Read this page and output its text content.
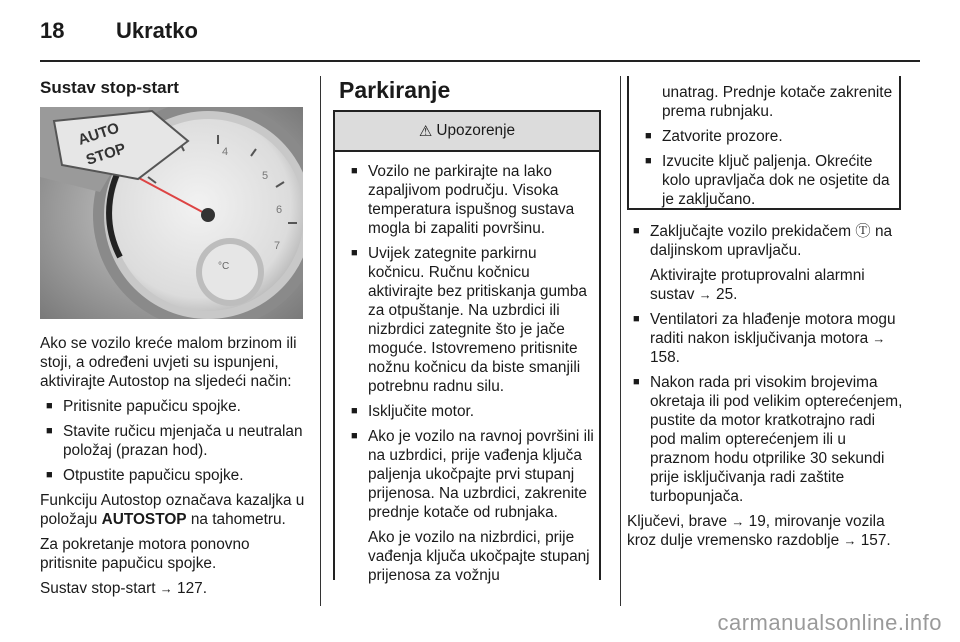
18 Ukratko
Sustav stop-start
4
5
6
7
°C
AUTO
STOP

Ako se vozilo kreće malom brzinom ili stoji, a određeni uvjeti su ispunjeni, aktivirajte Autostop na sljedeći način:

■ Pritisnite papučicu spojke.
■ Stavite ručicu mjenjača u neutralan položaj (prazan hod).
■ Otpustite papučicu spojke.

Funkciju Autostop označava kazaljka u položaju AUTOSTOP na tahometru.

Za pokretanje motora ponovno pritisnite papučicu spojke.

Sustav stop-start → 127.

Parkiranje
⚠ Upozorenje
■ Vozilo ne parkirajte na lako zapaljivom području. Visoka temperatura ispušnog sustava mogla bi zapaliti površinu.
■ Uvijek zategnite parkirnu kočnicu. Ručnu kočnicu aktivirajte bez pritiskanja gumba za otpuštanje. Na uzbrdici ili nizbrdici zategnite što je jače moguće. Istovremeno pritisnite nožnu kočnicu da biste smanjili potrebnu radnu silu.
■ Isključite motor.
■ Ako je vozilo na ravnoj površini ili na uzbrdici, prije vađenja ključa paljenja ukočpajte prvi stupanj prijenosa. Na uzbrdici, zakrenite prednje kotače od rubnjaka.
Ako je vozilo na nizbrdici, prije vađenja ključa ukočpajte stupanj prijenosa za vožnju
unatrag. Prednje kotače zakrenite prema rubnjaku.
■ Zatvorite prozore.
■ Izvucite ključ paljenja. Okrećite kolo upravljača dok ne osjetite da je zaključano.
■ Zaključajte vozilo prekidačem Ⓣ na daljinskom upravljaču.
Aktivirajte protuprovalni alarmni sustav → 25.
■ Ventilatori za hlađenje motora mogu raditi nakon isključivanja motora → 158.
■ Nakon rada pri visokim brojevima okretaja ili pod velikim opterećenjem, pustite da motor kratkotrajno radi pod malim opterećenjem ili u praznom hodu otprilike 30 sekundi prije isključivanja radi zaštite turbopunjača.

Ključevi, brave → 19, mirovanje vozila kroz dulje vremensko razdoblje → 157.

carmanualsonline.info
